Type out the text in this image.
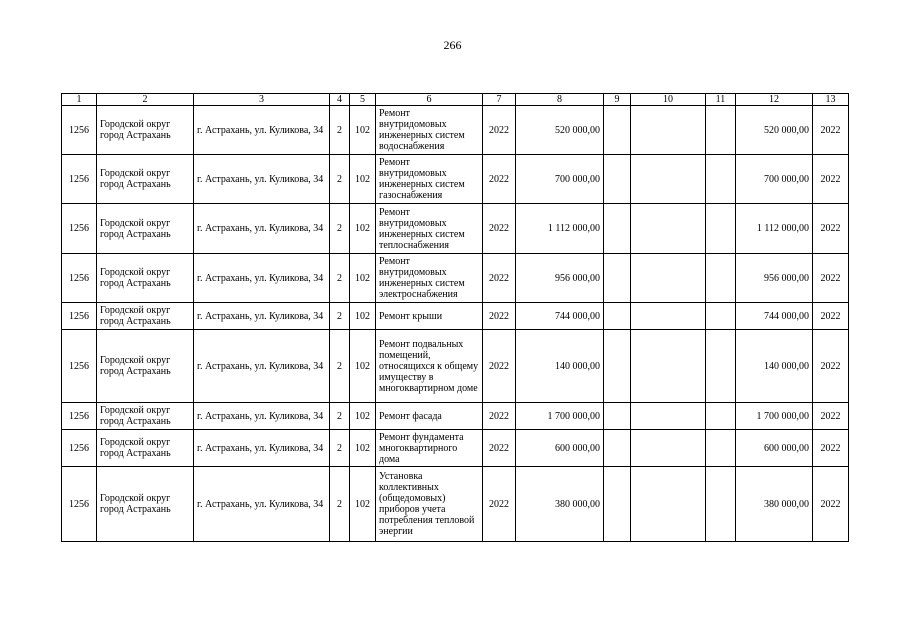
266
1	2	3	4	5	6	7	8	9	10	11	12	13
1256	Городской округ город Астрахань	г. Астрахань, ул. Куликова, 34	2	102	Ремонт внутридомовых инженерных систем водоснабжения	2022	520 000,00				520 000,00	2022
1256	Городской округ город Астрахань	г. Астрахань, ул. Куликова, 34	2	102	Ремонт внутридомовых инженерных систем газоснабжения	2022	700 000,00				700 000,00	2022
1256	Городской округ город Астрахань	г. Астрахань, ул. Куликова, 34	2	102	Ремонт внутридомовых инженерных систем теплоснабжения	2022	1 112 000,00				1 112 000,00	2022
1256	Городской округ город Астрахань	г. Астрахань, ул. Куликова, 34	2	102	Ремонт внутридомовых инженерных систем электроснабжения	2022	956 000,00				956 000,00	2022
1256	Городской округ город Астрахань	г. Астрахань, ул. Куликова, 34	2	102	Ремонт крыши	2022	744 000,00				744 000,00	2022
1256	Городской округ город Астрахань	г. Астрахань, ул. Куликова, 34	2	102	Ремонт подвальных помещений, относящихся к общему имуществу в многоквартирном доме	2022	140 000,00				140 000,00	2022
1256	Городской округ город Астрахань	г. Астрахань, ул. Куликова, 34	2	102	Ремонт фасада	2022	1 700 000,00				1 700 000,00	2022
1256	Городской округ город Астрахань	г. Астрахань, ул. Куликова, 34	2	102	Ремонт фундамента многоквартирного дома	2022	600 000,00				600 000,00	2022
1256	Городской округ город Астрахань	г. Астрахань, ул. Куликова, 34	2	102	Установка коллективных (общедомовых) приборов учета потребления тепловой энергии	2022	380 000,00				380 000,00	2022
